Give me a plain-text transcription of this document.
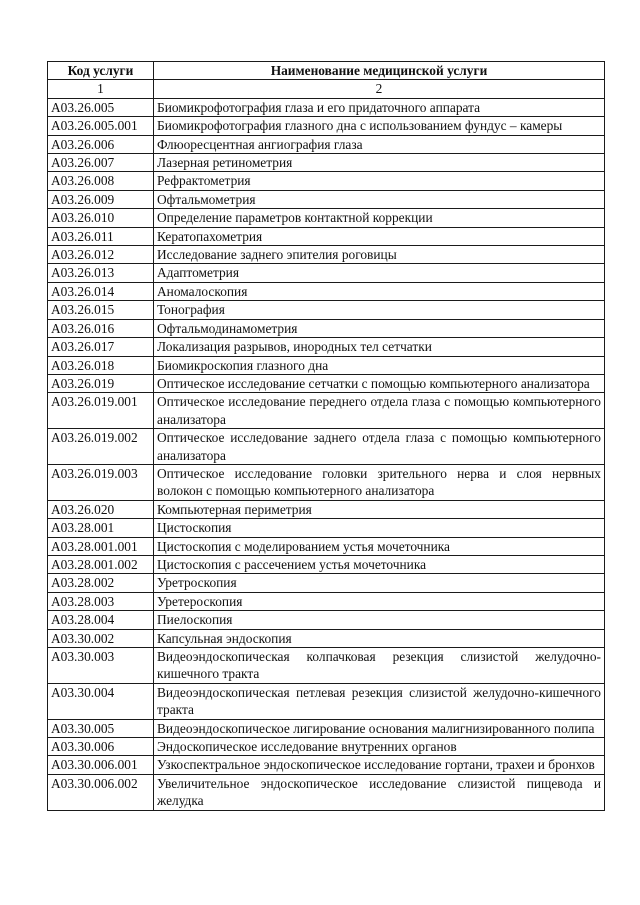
Код услуги	Наименование медицинской услуги
1	2
A03.26.005	Биомикрофотография глаза и его придаточного аппарата
A03.26.005.001	Биомикрофотография глазного дна с использованием фундус – камеры
A03.26.006	Флюоресцентная ангиография глаза
A03.26.007	Лазерная ретинометрия
A03.26.008	Рефрактометрия
A03.26.009	Офтальмометрия
A03.26.010	Определение параметров контактной коррекции
A03.26.011	Кератопахометрия
A03.26.012	Исследование заднего эпителия роговицы
A03.26.013	Адаптометрия
A03.26.014	Аномалоскопия
A03.26.015	Тонография
A03.26.016	Офтальмодинамометрия
A03.26.017	Локализация разрывов, инородных тел сетчатки
A03.26.018	Биомикроскопия глазного дна
A03.26.019	Оптическое исследование сетчатки с помощью компьютерного анализатора
A03.26.019.001	Оптическое исследование переднего отдела глаза с помощью компьютерного анализатора
A03.26.019.002	Оптическое исследование заднего отдела глаза с помощью компьютерного анализатора
A03.26.019.003	Оптическое исследование головки зрительного нерва и слоя нервных волокон с помощью компьютерного анализатора
A03.26.020	Компьютерная периметрия
A03.28.001	Цистоскопия
A03.28.001.001	Цистоскопия с моделированием устья мочеточника
A03.28.001.002	Цистоскопия с рассечением устья мочеточника
A03.28.002	Уретроскопия
A03.28.003	Уретероскопия
A03.28.004	Пиелоскопия
A03.30.002	Капсульная эндоскопия
A03.30.003	Видеоэндоскопическая колпачковая резекция слизистой желудочно-кишечного тракта
A03.30.004	Видеоэндоскопическая петлевая резекция слизистой желудочно-кишечного тракта
A03.30.005	Видеоэндоскопическое лигирование основания малигнизированного полипа
A03.30.006	Эндоскопическое исследование внутренних органов
A03.30.006.001	Узкоспектральное эндоскопическое исследование гортани, трахеи и бронхов
A03.30.006.002	Увеличительное эндоскопическое исследование слизистой пищевода и желудка
